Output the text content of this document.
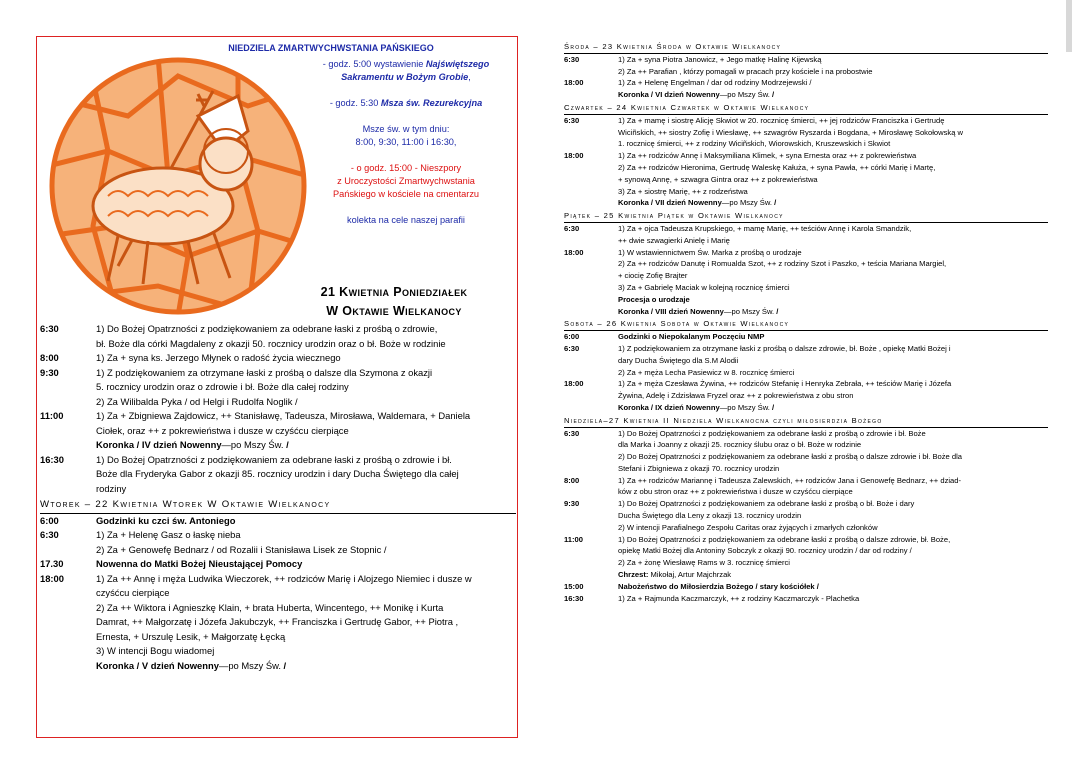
NIEDZIELA ZMARTWYCHWSTANIA PAŃSKIEGO
- godz. 5:00 wystawienie Najświętszego
Sakramentu w Bożym Grobie,
- godz. 5:30 Msza św. Rezurekcyjna
Msze św. w tym dniu:
8:00, 9:30, 11:00 i 16:30,
- o godz. 15:00 - Nieszpory
z Uroczystości Zmartwychwstania
Pańskiego w kościele na cmentarzu
kolekta na cele naszej parafii
21 Kwietnia Poniedziałek
W Oktawie Wielkanocy
6:30	1) Do Bożej Opatrzności z podziękowaniem za odebrane łaski z prośbą o zdrowie,
bł. Boże dla córki Magdaleny z okazji 50. rocznicy urodzin oraz o bł. Boże w rodzinie
8:00	1) Za + syna ks. Jerzego Młynek o radość życia wiecznego
9:30	1) Z podziękowaniem za otrzymane łaski z prośbą o dalsze dla Szymona z okazji
5. rocznicy urodzin oraz o zdrowie i bł. Boże dla całej rodziny
2) Za Wilibalda Pyka / od Helgi i Rudolfa Noglik /
11:00	1) Za + Zbigniewa Zajdowicz, ++ Stanisławę, Tadeusza, Mirosława, Waldemara, + Daniela
Ciołek, oraz ++ z pokrewieństwa i dusze w czyśćcu cierpiące
Koronka / IV dzień Nowenny—po Mszy Św. /
16:30	1) Do Bożej Opatrzności z podziękowaniem za odebrane łaski z prośbą o zdrowie i bł.
Boże dla Fryderyka Gabor z okazji 85. rocznicy urodzin i dary Ducha Świętego dla całej
rodziny
Wtorek – 22 Kwietnia Wtorek W Oktawie Wielkanocy
6:00	Godzinki ku czci św. Antoniego
6:30	1) Za + Helenę Gasz o łaskę nieba
2) Za + Genowefę Bednarz / od Rozalii i Stanisława Lisek ze Stopnic /
17.30	Nowenna do Matki Bożej Nieustającej Pomocy
18:00	1) Za ++ Annę i męża Ludwika Wieczorek, ++ rodziców Marię i Alojzego Niemiec i dusze w
czyśćcu cierpiące
2) Za ++ Wiktora i Agnieszkę Klain, + brata Huberta, Wincentego, ++ Monikę i Kurta
Damrat, ++ Małgorzatę i Józefa Jakubczyk, ++ Franciszka i Gertrudę Gabor, ++ Piotra ,
Ernesta, + Urszulę Lesik, + Małgorzatę Łęcką
3) W intencji Bogu wiadomej
Koronka / V dzień Nowenny—po Mszy Św. /
Środa – 23 Kwietnia Środa w Oktawie Wielkanocy
6:30	1) Za + syna Piotra Janowicz, + Jego matkę Halinę Kijewską
2) Za ++ Parafian , którzy pomagali w pracach przy kościele i na probostwie
18:00	1) Za + Helenę Engelman / dar od rodziny Modrzejewski /
Koronka / VI dzień Nowenny—po Mszy Św. /
Czwartek – 24 Kwietnia Czwartek w Oktawie Wielkanocy
6:30	1) Za + mamę i siostrę Alicję Skwiot w 20. rocznicę śmierci, ++ jej rodziców Franciszka i Gertrudę
Wiciñskich, ++ siostry Zofię i Wiesławę, ++ szwagrów Ryszarda i Bogdana, + Mirosławę Sokołowską w
1. rocznicę śmierci, ++ z rodziny Wiciñskich, Wiorowskich, Kruszewskich i Skwiot
18:00	1) Za ++ rodziców Annę i Maksymiliana Klimek, + syna Ernesta oraz ++ z pokrewieństwa
2) Za ++ rodziców Hieronima, Gertrudę Waleskę Kałuża, + syna Pawła, ++ córki Marię i Martę,
+ synową Annę, + szwagra Gintra oraz ++ z pokrewieństwa
3) Za + siostrę Marię, ++ z rodzeństwa
Koronka / VII dzień Nowenny—po Mszy Św. /
Piątek – 25 Kwietnia Piątek w Oktawie Wielkanocy
6:30	1) Za + ojca Tadeusza Krupskiego, + mamę Marię, ++ teściów Annę i Karola Smandzik,
++ dwie szwagierki Anielę i Marię
18:00	1) W wstawiennictwem Św. Marka z prośbą o urodzaje
2) Za ++ rodziców Danutę i Romualda Szot, ++ z rodziny Szot i Paszko, + teścia Mariana Margiel,
+ ciocię Zofię Brajter
3) Za + Gabrielę Maciak w kolejną rocznicę śmierci
Procesja o urodzaje
Koronka / VIII dzień Nowenny—po Mszy Św. /
Sobota – 26 Kwietnia Sobota w Oktawie Wielkanocy
6:00	Godzinki o Niepokalanym Poczęciu NMP
6:30	1) Z podziękowaniem za otrzymane łaski z prośbą o dalsze zdrowie, bł. Boże , opiekę Matki Bożej i
dary Ducha Świętego dla S.M Alodii
2) Za + męża Lecha Pasiewicz w 8. rocznicę śmierci
18:00	1) Za + męża Czesława Żywina, ++ rodziców Stefanię i Henryka Zebrała, ++ teściów Marię i Józefa
Żywina, Adelę i Zdzisława Fryzel oraz ++ z pokrewieństwa z obu stron
Koronka / IX dzień Nowenny—po Mszy Św. /
Niedziela–27 Kwietnia II Niedziela Wielkanocna czyli miłosierdzia Bożego
6:30	1) Do Bożej Opatrzności z podziękowaniem za odebrane łaski z prośbą o zdrowie i bł. Boże
dla Marka i Joanny z okazji 25. rocznicy ślubu oraz o bł. Boże w rodzinie
2) Do Bożej Opatrzności z podziękowaniem za odebrane łaski z prośbą o dalsze zdrowie i bł. Boże dla
Stefani i Zbigniewa z okazji 70. rocznicy urodzin
8:00	1) Za ++ rodziców Mariannę i Tadeusza Zalewskich, ++ rodziców Jana i Genowefę Bednarz, ++ dziad-
ków z obu stron oraz ++ z pokrewieństwa i dusze w czyśćcu cierpiące
9:30	1) Do Bożej Opatrzności z podziękowaniem za odebrane łaski z prośbą o bł. Boże i dary
Ducha Świętego dla Leny z okazji 13. rocznicy urodzin
2) W intencji Parafialnego Zespołu Caritas oraz żyjących i zmarłych członków
11:00	1) Do Bożej Opatrzności z podziękowaniem za odebrane łaski z prośbą o dalsze zdrowie, bł. Boże,
opiekę Matki Bożej dla Antoniny Sobczyk z okazji 90. rocznicy urodzin / dar od rodziny /
2) Za + żonę Wiesławę Rams w 3. rocznicę śmierci
Chrzest: Mikołaj, Artur Majchrzak
15:00	Nabożeństwo do Miłosierdzia Bożego / stary kościółek /
16:30	1) Za + Rajmunda Kaczmarczyk, ++ z rodziny Kaczmarczyk - Plachetka
